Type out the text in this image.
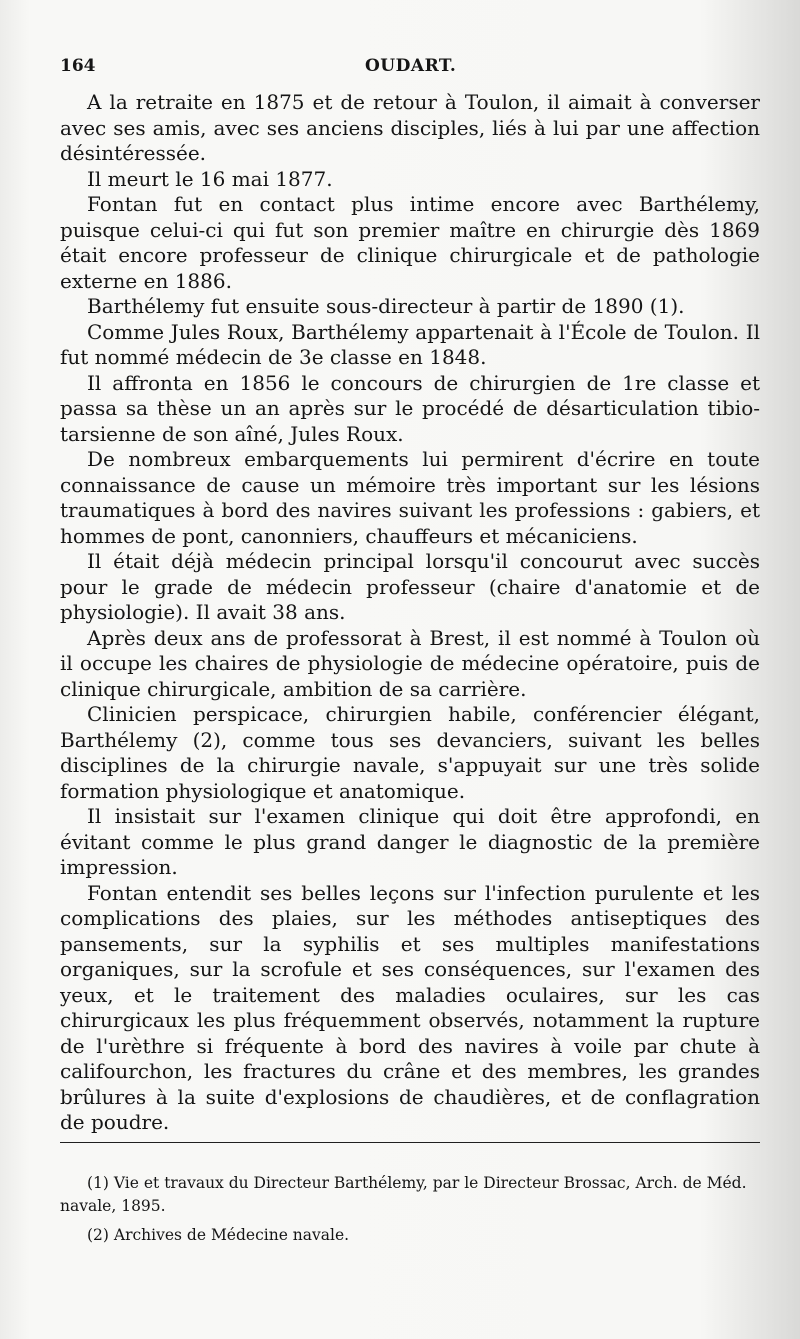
164	OUDART.

A la retraite en 1875 et de retour à Toulon, il aimait à converser avec ses amis, avec ses anciens disciples, liés à lui par une affection désintéressée.

Il meurt le 16 mai 1877.

Fontan fut en contact plus intime encore avec Barthélemy, puisque celui-ci qui fut son premier maître en chirurgie dès 1869 était encore professeur de clinique chirurgicale et de pathologie externe en 1886.

Barthélemy fut ensuite sous-directeur à partir de 1890 (1).

Comme Jules Roux, Barthélemy appartenait à l'École de Toulon. Il fut nommé médecin de 3e classe en 1848.

Il affronta en 1856 le concours de chirurgien de 1re classe et passa sa thèse un an après sur le procédé de désarticulation tibio-tarsienne de son aîné, Jules Roux.

De nombreux embarquements lui permirent d'écrire en toute connaissance de cause un mémoire très important sur les lésions traumatiques à bord des navires suivant les professions : gabiers, et hommes de pont, canonniers, chauffeurs et mécaniciens.

Il était déjà médecin principal lorsqu'il concourut avec succès pour le grade de médecin professeur (chaire d'anatomie et de physiologie). Il avait 38 ans.

Après deux ans de professorat à Brest, il est nommé à Toulon où il occupe les chaires de physiologie de médecine opératoire, puis de clinique chirurgicale, ambition de sa carrière.

Clinicien perspicace, chirurgien habile, conférencier élégant, Barthélemy (2), comme tous ses devanciers, suivant les belles disciplines de la chirurgie navale, s'appuyait sur une très solide formation physiologique et anatomique.

Il insistait sur l'examen clinique qui doit être approfondi, en évitant comme le plus grand danger le diagnostic de la première impression.

Fontan entendit ses belles leçons sur l'infection purulente et les complications des plaies, sur les méthodes antiseptiques des pansements, sur la syphilis et ses multiples manifestations organiques, sur la scrofule et ses conséquences, sur l'examen des yeux, et le traitement des maladies oculaires, sur les cas chirurgicaux les plus fréquemment observés, notamment la rupture de l'urèthre si fréquente à bord des navires à voile par chute à califourchon, les fractures du crâne et des membres, les grandes brûlures à la suite d'explosions de chaudières, et de conflagration de poudre.

(1) Vie et travaux du Directeur Barthélemy, par le Directeur Brossac, Arch. de Méd. navale, 1895.

(2) Archives de Médecine navale.
